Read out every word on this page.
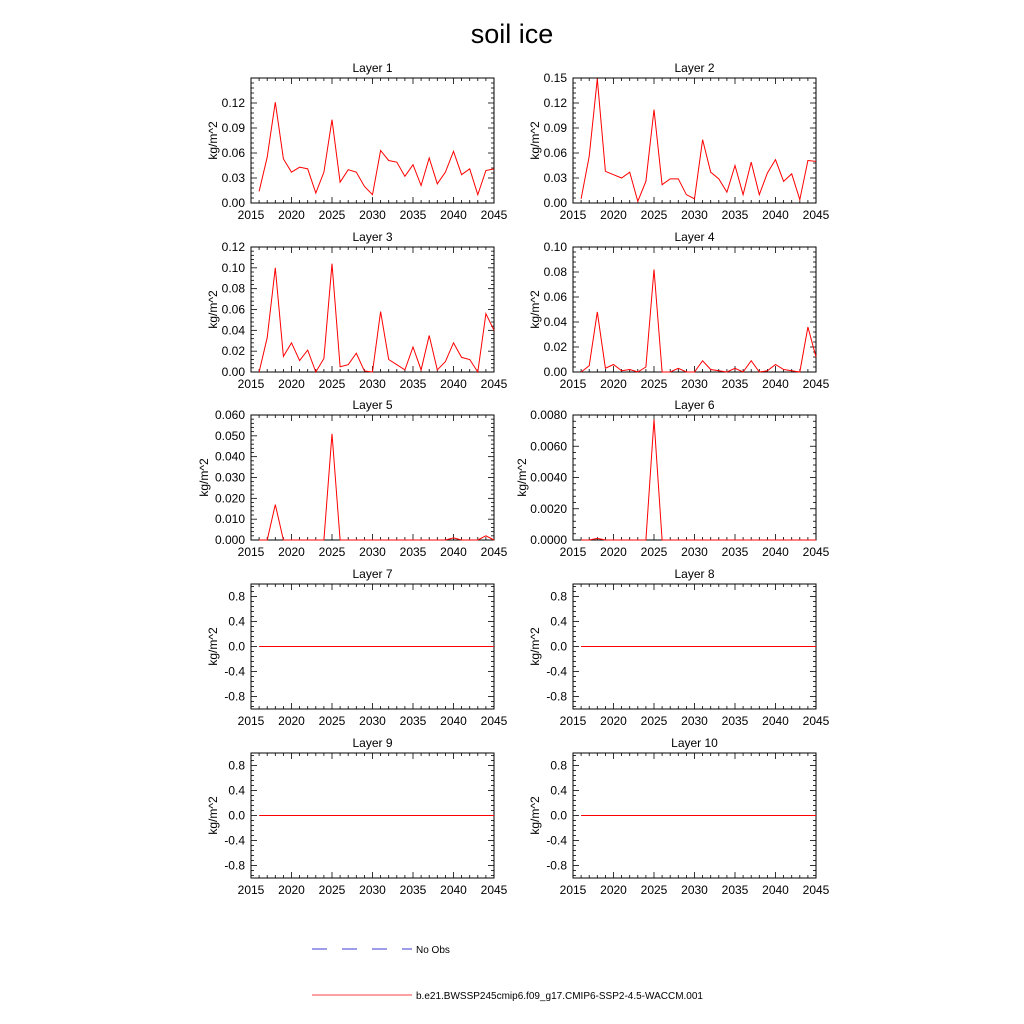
soil ice
Layer 1
2015 2020 2025 2030 2035 2040 2045
0.00
0.03
0.06
0.09
0.12
kg/m^2
Layer 2
2015 2020 2025 2030 2035 2040 2045
0.00
0.03
0.06
0.09
0.12
0.15
kg/m^2
Layer 3
2015 2020 2025 2030 2035 2040 2045
0.00
0.02
0.04
0.06
0.08
0.10
0.12
kg/m^2
Layer 4
2015 2020 2025 2030 2035 2040 2045
0.00
0.02
0.04
0.06
0.08
0.10
kg/m^2
Layer 5
2015 2020 2025 2030 2035 2040 2045
0.000
0.010
0.020
0.030
0.040
0.050
0.060
kg/m^2
Layer 6
2015 2020 2025 2030 2035 2040 2045
0.0000
0.0020
0.0040
0.0060
0.0080
kg/m^2
Layer 7
2015 2020 2025 2030 2035 2040 2045
-0.8
-0.4
0.0
0.4
0.8
kg/m^2
Layer 8
2015 2020 2025 2030 2035 2040 2045
-0.8
-0.4
0.0
0.4
0.8
kg/m^2
Layer 9
2015 2020 2025 2030 2035 2040 2045
-0.8
-0.4
0.0
0.4
0.8
kg/m^2
Layer 10
2015 2020 2025 2030 2035 2040 2045
-0.8
-0.4
0.0
0.4
0.8
kg/m^2
No Obs
b.e21.BWSSP245cmip6.f09_g17.CMIP6-SSP2-4.5-WACCM.001
